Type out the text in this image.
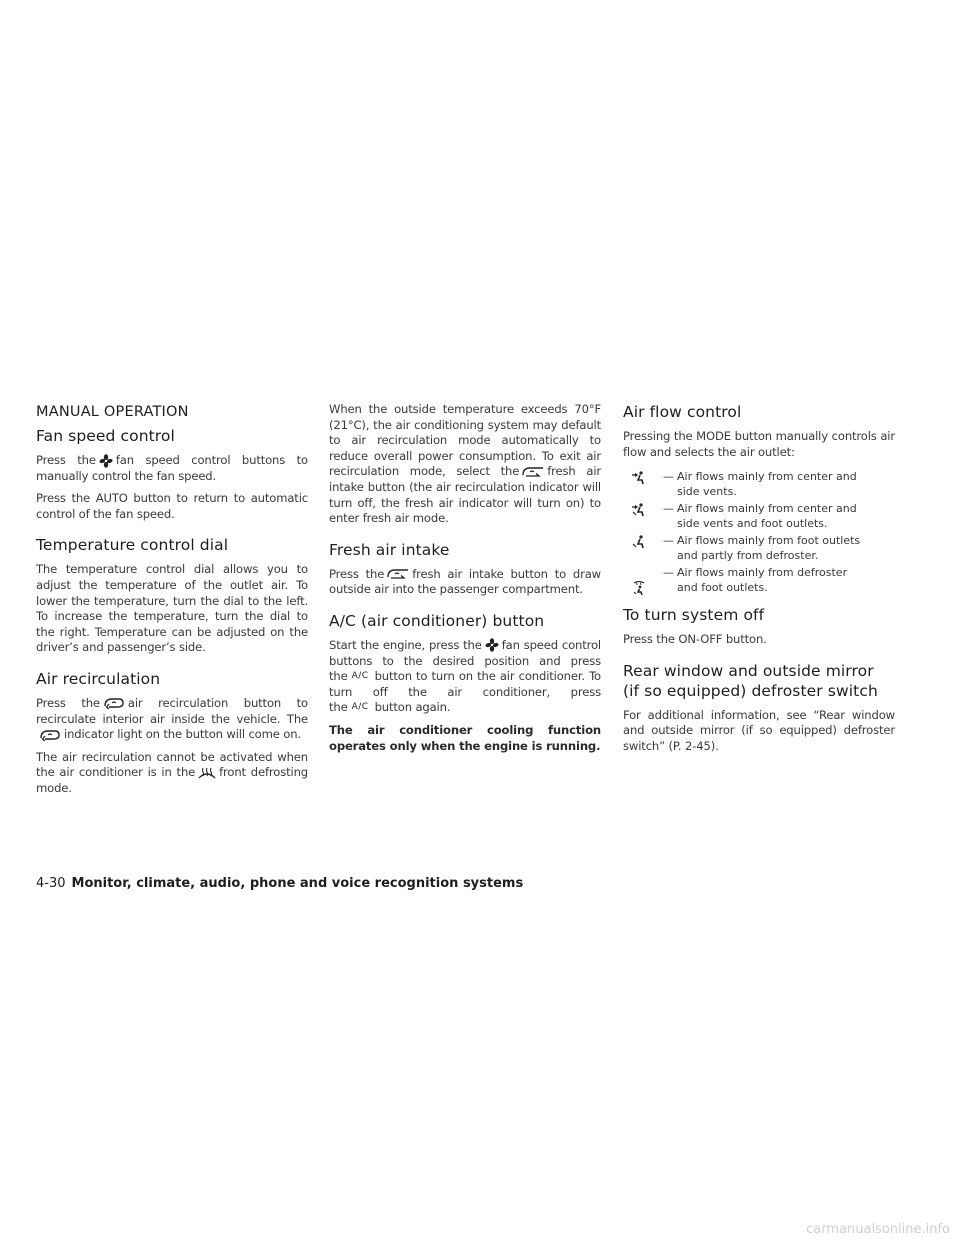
MANUAL OPERATION
Fan speed control

Press the fan speed control buttons to manually control the fan speed.

Press the AUTO button to return to automatic control of the fan speed.

Temperature control dial

The temperature control dial allows you to adjust the temperature of the outlet air. To lower the temperature, turn the dial to the left. To increase the temperature, turn the dial to the right. Temperature can be adjusted on the driver’s and passenger’s side.

Air recirculation

Press the air recirculation button to recirculate interior air inside the vehicle. The
indicator light on the button will come on.

The air recirculation cannot be activated when the air conditioner is in the front defrosting mode.

When the outside temperature exceeds 70°F (21°C), the air conditioning system may default to air recirculation mode automatically to reduce overall power consumption. To exit air recirculation mode, select the fresh air intake button (the air recirculation indicator will turn off, the fresh air indicator will turn on) to enter fresh air mode.

Fresh air intake

Press the fresh air intake button to draw outside air into the passenger compartment.

A/C (air conditioner) button

Start the engine, press the fan speed control buttons to the desired position and press the A/C button to turn on the air conditioner. To turn off the air conditioner, press the A/C button again.

The air conditioner cooling function operates only when the engine is running.

Air flow control

Pressing the MODE button manually controls air flow and selects the air outlet:

— Air flows mainly from center and
side vents.
— Air flows mainly from center and
side vents and foot outlets.
— Air flows mainly from foot outlets
and partly from defroster.
— Air flows mainly from defroster
and foot outlets.
To turn system off

Press the ON-OFF button.

Rear window and outside mirror
(if so equipped) defroster switch

For additional information, see “Rear window and outside mirror (if so equipped) defroster switch” (P. 2-45).

4-30 Monitor, climate, audio, phone and voice recognition systems
carmanualsonline.info
